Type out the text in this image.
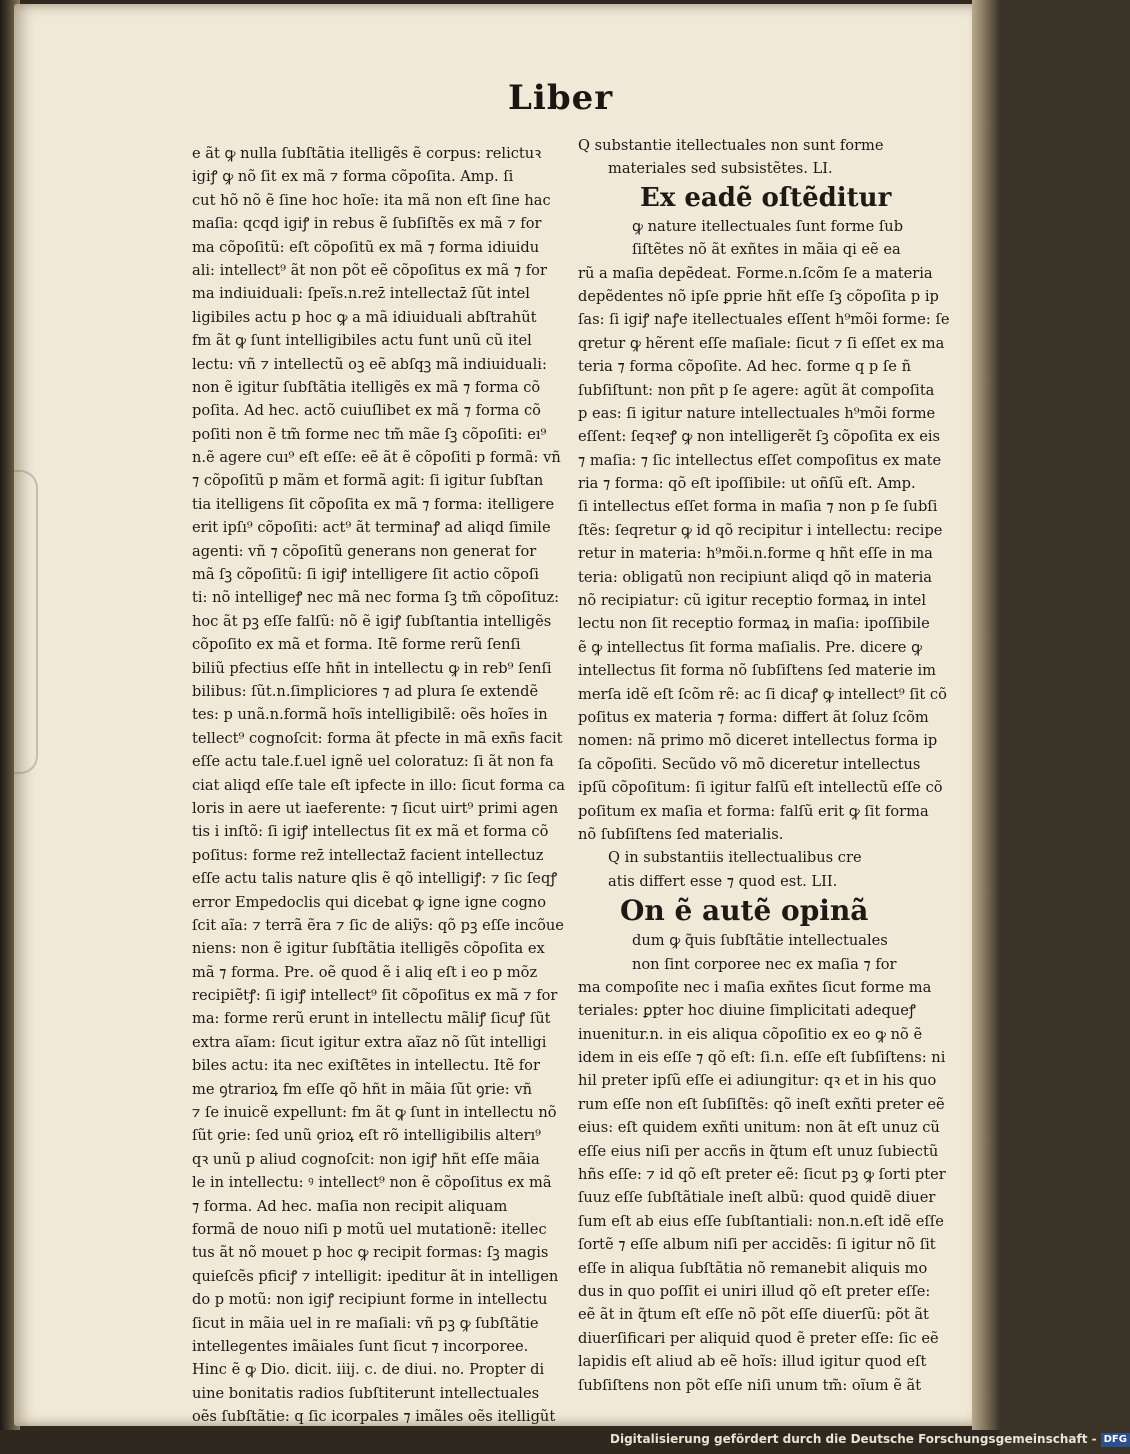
Liber
e ãt ꝙ nulla ſubſtãtia itelligẽs ẽ corpus: relictuꝛ
igiꝭ ꝙ nõ ſit ex mã ⁊ forma cõpoſita. Amp. ſi
cut hõ nõ ẽ ſine hoc hoĩe: ita mã non eſt ſine hac
maſia: qcqd igiꝭ in rebus ẽ ſubſiſtẽs ex mã ⁊ for
ma cõpoſitũ: eſt cõpoſitũ ex mã ⁊ forma idiuidu
ali: intellect⁹ ãt non põt eẽ cõpoſitus ex mã ⁊ for
ma indiuiduali: ſpeĩs.n.rez̄ intellectaz̄ ſũt intel
ligibiles actu p hoc ꝙ a mã idiuiduali abſtrahũt
fm ãt ꝙ ſunt intelligibiles actu funt unũ cũ itel
lectu: vñ ⁊ intellectũ oꝫ eẽ abſqꝫ mã indiuiduali:
non ẽ igitur ſubſtãtia itelligẽs ex mã ⁊ forma cõ
poſita. Ad hec. actõ cuiuſlibet ex mã ⁊ forma cõ
poſiti non ẽ tm̃ forme nec tm̃ mãe ſꝫ cõpoſiti: eı⁹
n.ẽ agere cuı⁹ eſt eſſe: eẽ ãt ẽ cõpoſiti p formã: vñ
⁊ cõpoſitũ p mãm et formã agit: ſi igitur ſubſtan
tia itelligens ſit cõpoſita ex mã ⁊ forma: itelligere
erit ipſı⁹ cõpoſiti: act⁹ ãt terminaꝭ ad aliqd ſimile
agenti: vñ ⁊ cõpoſitũ generans non generat for
mã ſꝫ cõpoſitũ: ſi igiꝭ intelligere ſit actio cõpoſi
ti: nõ intelligeꝭ nec mã nec forma ſꝫ tm̃ cõpoſituz:
hoc ãt pꝫ eſſe falſũ: nõ ẽ igiꝭ ſubſtantia intelligẽs
cõpoſito ex mã et forma. Itẽ forme rerũ ſenſi
biliũ pfectius eſſe hñt in intellectu ꝙ in reb⁹ ſenſi
bilibus: ſũt.n.ſimpliciores ⁊ ad plura ſe extendẽ
tes: p unã.n.formã hoĩs intelligibilẽ: oẽs hoĩes in
tellect⁹ cognoſcit: forma ãt pfecte in mã exñs facit
eſſe actu tale.f.uel ignẽ uel coloratuz: ſi ãt non fa
ciat aliqd eſſe tale eſt ipfecte in illo: ſicut forma ca
loris in aere ut iaeferente: ⁊ ſicut uirt⁹ primi agen
tis i inſtõ: ſi igiꝭ intellectus ſit ex mã et forma cõ
poſitus: forme rez̄ intellectaz̄ facient intellectuz
eſſe actu talis nature qlis ẽ qõ intelligiꝭ: ⁊ ſic ſeqꝭ
error Empedoclis qui dicebat ꝙ igne igne cogno
ſcit aĩa: ⁊ terrã ẽra ⁊ ſic de aliỹs: qõ pꝫ eſſe incõue
niens: non ẽ igitur ſubſtãtia itelligẽs cõpoſita ex
mã ⁊ forma. Pre. oẽ quod ẽ i aliq eſt i eo p mõz
recipiẽtꝭ: ſi igiꝭ intellect⁹ ſit cõpoſitus ex mã ⁊ for
ma: forme rerũ erunt in intellectu mãliꝭ ſicuꝭ ſũt
extra aĩam: ſicut igitur extra aĩaz nõ ſũt intelligi
biles actu: ita nec exiſtẽtes in intellectu. Itẽ for
me ꝯtrarioꝝ fm eſſe qõ hñt in mãia ſũt ꝯrie: vñ
⁊ ſe inuicẽ expellunt: fm ãt ꝙ ſunt in intellectu nõ
ſũt ꝯrie: ſed unũ ꝯrioꝝ eſt rõ intelligibilis alterı⁹
qꝛ unũ p aliud cognoſcit: non igiꝭ hñt eſſe mãia
le in intellectu: ꝰ intellect⁹ non ẽ cõpoſitus ex mã
⁊ forma. Ad hec. maſia non recipit aliquam
formã de nouo niſi p motũ uel mutationẽ: itellec
tus ãt nõ mouet p hoc ꝙ recipit formas: ſꝫ magis
quieſcẽs pficiꝭ ⁊ intelligit: ipeditur ãt in intelligen
do p motũ: non igiꝭ recipiunt forme in intellectu
ſicut in mãia uel in re maſiali: vñ pꝫ ꝙ ſubſtãtie
intellegentes imãiales ſunt ſicut ⁊ incorporee.
Hinc ẽ ꝙ Dio. dicit. iiij. c. de diui. no. Propter di
uine bonitatis radios ſubſtiterunt intellectuales
oẽs ſubſtãtie: q ſic icorpales ⁊ imãles oẽs itelligũt
Q substantie itellectuales non sunt forme
materiales sed subsistẽtes. LI.
Ex eadẽ oſtẽditur
ꝙ nature itellectuales ſunt forme ſub
ſiſtẽtes nõ ãt exñtes in mãia qi eẽ ea
rũ a maſia depẽdeat. Forme.n.ſcõm ſe a materia
depẽdentes nõ ipſe ꝑprie hñt eſſe ſꝫ cõpoſita p ip
ſas: ſi igiꝭ naꝭe itellectuales eſſent h⁹mõi forme: ſe
qretur ꝙ hẽrent eſſe maſiale: ſicut ⁊ ſi eſſet ex ma
teria ⁊ forma cõpoſite. Ad hec. forme q p ſe ñ
ſubſiſtunt: non pñt p ſe agere: agũt ãt compoſita
p eas: ſi igitur nature intellectuales h⁹mõi forme
eſſent: ſeqꝛeꝭ ꝙ non intelligerẽt ſꝫ cõpoſita ex eis
⁊ maſia: ⁊ ſic intellectus eſſet compoſitus ex mate
ria ⁊ forma: qõ eſt ipoſſibile: ut oñſũ eſt. Amp.
ſi intellectus eſſet forma in maſia ⁊ non p ſe ſubſi
ſtẽs: ſeqretur ꝙ id qõ recipitur i intellectu: recipe
retur in materia: h⁹mõi.n.forme q hñt eſſe in ma
teria: obligatũ non recipiunt aliqd qõ in materia
nõ recipiatur: cũ igitur receptio formaꝝ in intel
lectu non ſit receptio formaꝝ in maſia: ipoſſibile
ẽ ꝙ intellectus ſit forma maſialis. Pre. dicere ꝙ
intellectus ſit forma nõ ſubſiſtens ſed materie im
merſa idẽ eſt ſcõm rẽ: ac ſi dicaꝭ ꝙ intellect⁹ ſit cõ
poſitus ex materia ⁊ forma: differt ãt ſoluz ſcõm
nomen: nã primo mõ diceret intellectus forma ip
ſa cõpoſiti. Secũdo võ mõ diceretur intellectus
ipſũ cõpoſitum: ſi igitur falſũ eſt intellectũ eſſe cõ
poſitum ex maſia et forma: falſũ erit ꝙ ſit forma
nõ ſubſiſtens ſed materialis.
Q in substantiis itellectualibus cre
atis differt esse ⁊ quod est. LII.
On ẽ autẽ opinã
dum ꝙ q̃uis ſubſtãtie intellectuales
non ſint corporee nec ex maſia ⁊ for
ma compoſite nec i maſia exñtes ſicut forme ma
teriales: ꝑpter hoc diuine ſimplicitati adequeꝭ
inuenitur.n. in eis aliqua cõpoſitio ex eo ꝙ nõ ẽ
idem in eis eſſe ⁊ qõ eſt: ſi.n. eſſe eſt ſubſiſtens: ni
hil preter ipſũ eſſe ei adiungitur: qꝛ et in his quo
rum eſſe non eſt ſubſiſtẽs: qõ ineſt exñti preter eẽ
eius: eſt quidem exñti unitum: non ãt eſt unuz cũ
eſſe eius niſi per accñs in q̃tum eſt unuz ſubiectũ
hñs eſſe: ⁊ id qõ eſt preter eẽ: ſicut pꝫ ꝙ ſorti pter
ſuuz eſſe ſubſtãtiale ineſt albũ: quod quidẽ diuer
ſum eſt ab eius eſſe ſubſtantiali: non.n.eſt idẽ eſſe
ſortẽ ⁊ eſſe album niſi per accidẽs: ſi igitur nõ ſit
eſſe in aliqua ſubſtãtia nõ remanebit aliquis mo
dus in quo poſſit ei uniri illud qõ eſt preter eſſe:
eẽ ãt in q̃tum eſt eſſe nõ põt eſſe diuerſũ: põt ãt
diuerſificari per aliquid quod ẽ preter eſſe: ſic eẽ
lapidis eſt aliud ab eẽ hoĩs: illud igitur quod eſt
ſubſiſtens non põt eſſe niſi unum tm̃: oĩum ẽ ãt
Digitalisierung gefördert durch die Deutsche Forschungsgemeinschaft - DFG
